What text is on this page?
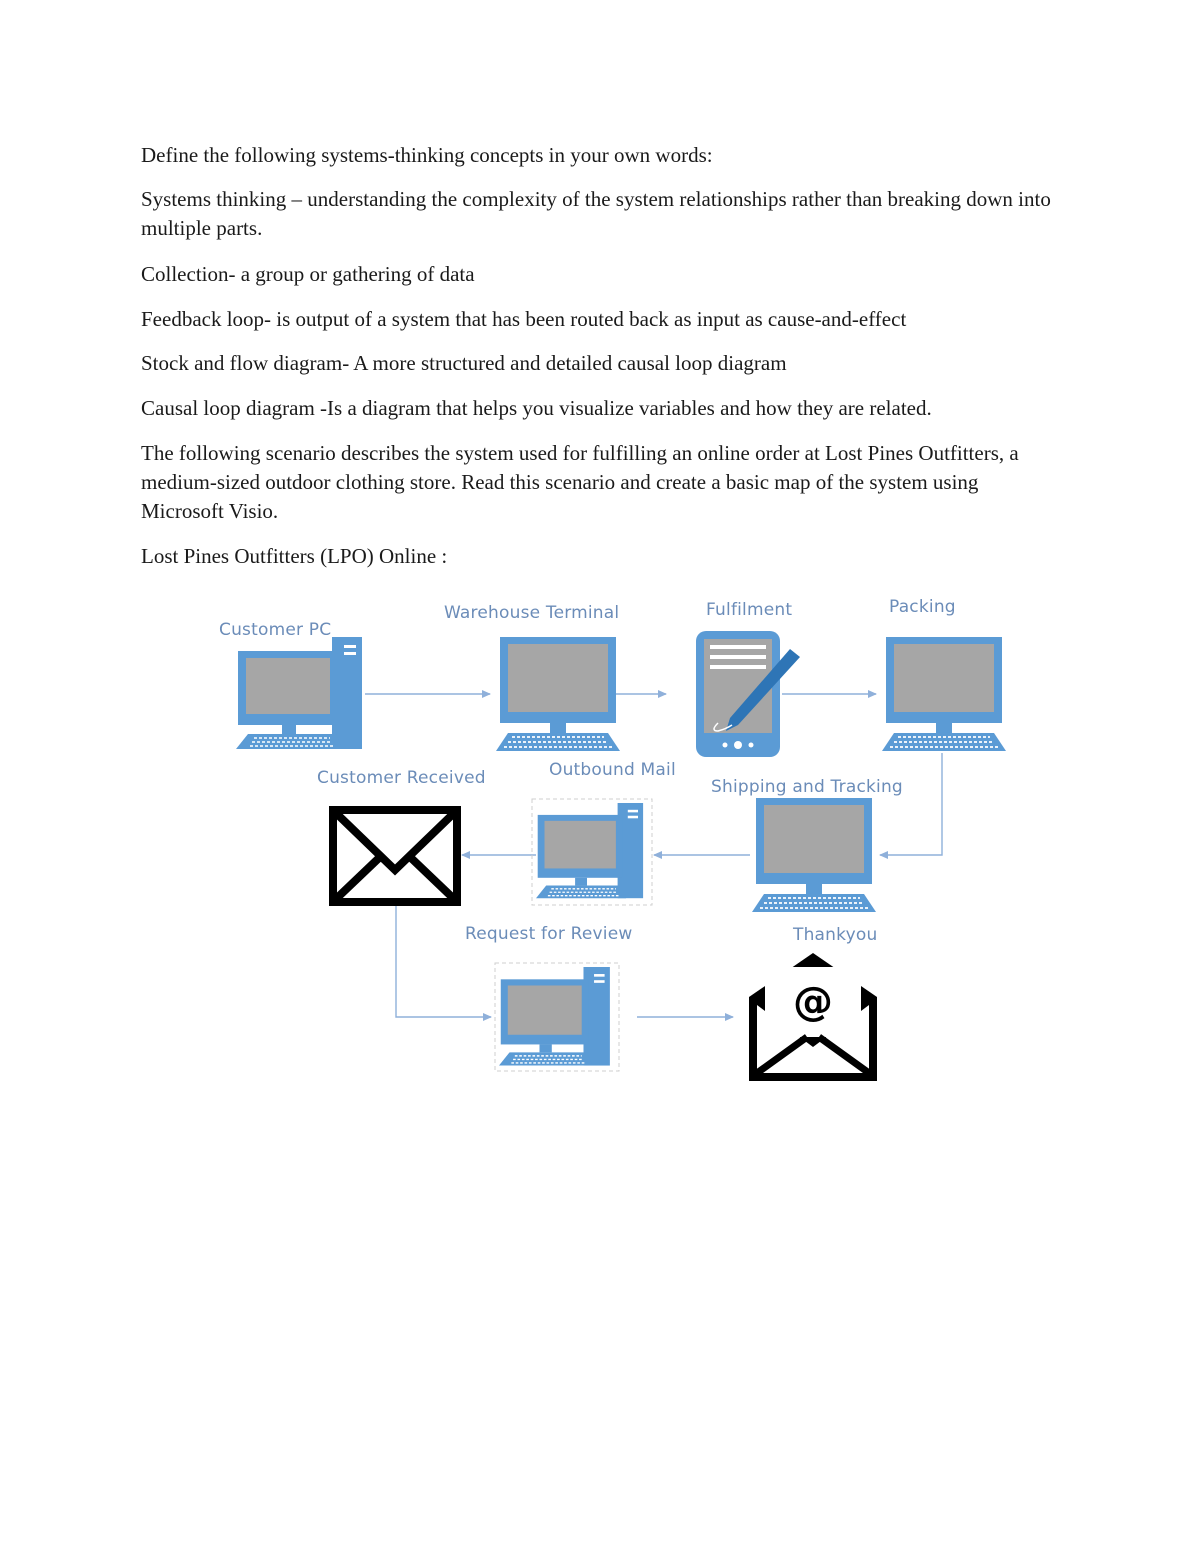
Define the following systems-thinking concepts in your own words:

Systems thinking – understanding the complexity of the system relationships rather than breaking down into multiple parts.

Collection- a group or gathering of data

Feedback loop- is output of a system that has been routed back as input as cause-and-effect

Stock and flow diagram- A more structured and detailed causal loop diagram

Causal loop diagram -Is a diagram that helps you visualize variables and how they are related.

The following scenario describes the system used for fulfilling an online order at Lost Pines Outfitters, a medium-sized outdoor clothing store. Read this scenario and create a basic map of the system using Microsoft Visio.

Lost Pines Outfitters (LPO) Online :

@
Customer PC
Warehouse Terminal	Fulfilment	Packing
Customer Received	Outbound Mail
Shipping and Tracking
Request for Review	Thankyou
